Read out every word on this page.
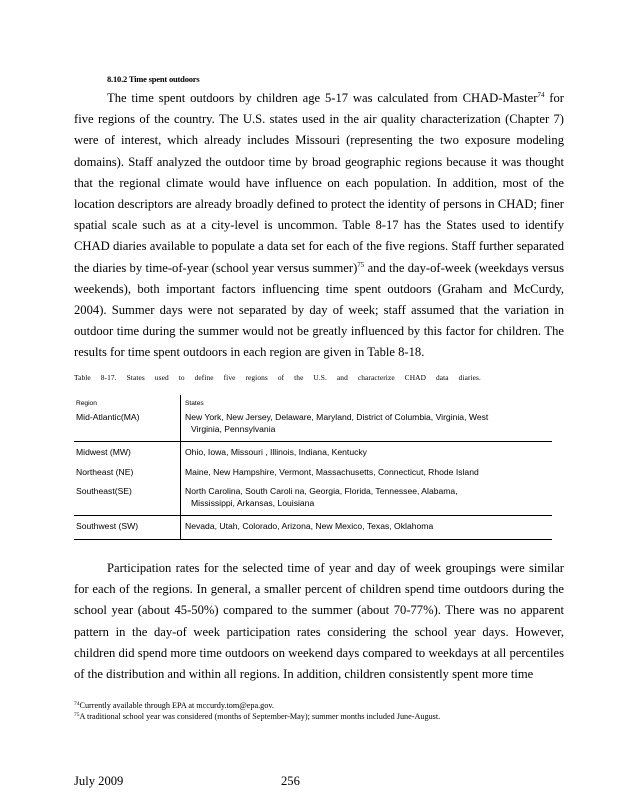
8.10.2 Time spent outdoors

The time spent outdoors by children age 5-17 was calculated from CHAD-Master$^{74}$ for five regions of the country. The U.S. states used in the air quality characterization (Chapter 7) were of interest, which already includes Missouri (representing the two exposure modeling domains). Staff analyzed the outdoor time by broad geographic regions because it was thought that the regional climate would have influence on each population. In addition, most of the location descriptors are already broadly defined to protect the identity of persons in CHAD; finer spatial scale such as at a city-level is uncommon. Table 8-17 has the States used to identify CHAD diaries available to populate a data set for each of the five regions. Staff further separated the diaries by time-of-year (school year versus summer)$^{75}$ and the day-of-week (weekdays versus weekends), both important factors influencing time spent outdoors (Graham and McCurdy, 2004). Summer days were not separated by day of week; staff assumed that the variation in outdoor time during the summer would not be greatly influenced by this factor for children. The results for time spent outdoors in each region are given in Table 8-18.

Table 8-17. States used to define five regions of the U.S. and characterize CHAD data diaries.
Region	States
Mid-Atlantic(MA)	New York, New Jersey, Delaware, Maryland, District of Columbia, Virginia, West
Virginia, Pennsylvania
Midwest (MW)	Ohio, Iowa, Missouri , Illinois, Indiana, Kentucky
Northeast (NE)	Maine, New Hampshire, Vermont, Massachusetts, Connecticut, Rhode Island
Southeast(SE)	North Carolina, South Caroli na, Georgia, Florida, Tennessee, Alabama,
Mississippi, Arkansas, Louisiana
Southwest (SW)	Nevada, Utah, Colorado, Arizona, New Mexico, Texas, Oklahoma

Participation rates for the selected time of year and day of week groupings were similar for each of the regions. In general, a smaller percent of children spend time outdoors during the school year (about 45-50%) compared to the summer (about 70-77%). There was no apparent pattern in the day-of week participation rates considering the school year days. However, children did spend more time outdoors on weekend days compared to weekdays at all percentiles of the distribution and within all regions. In addition, children consistently spent more time

$^{74}$Currently available through EPA at mccurdy.tom@epa.gov.
$^{75}$A traditional school year was considered (months of September-May); summer months included June-August.
July 2009	256
